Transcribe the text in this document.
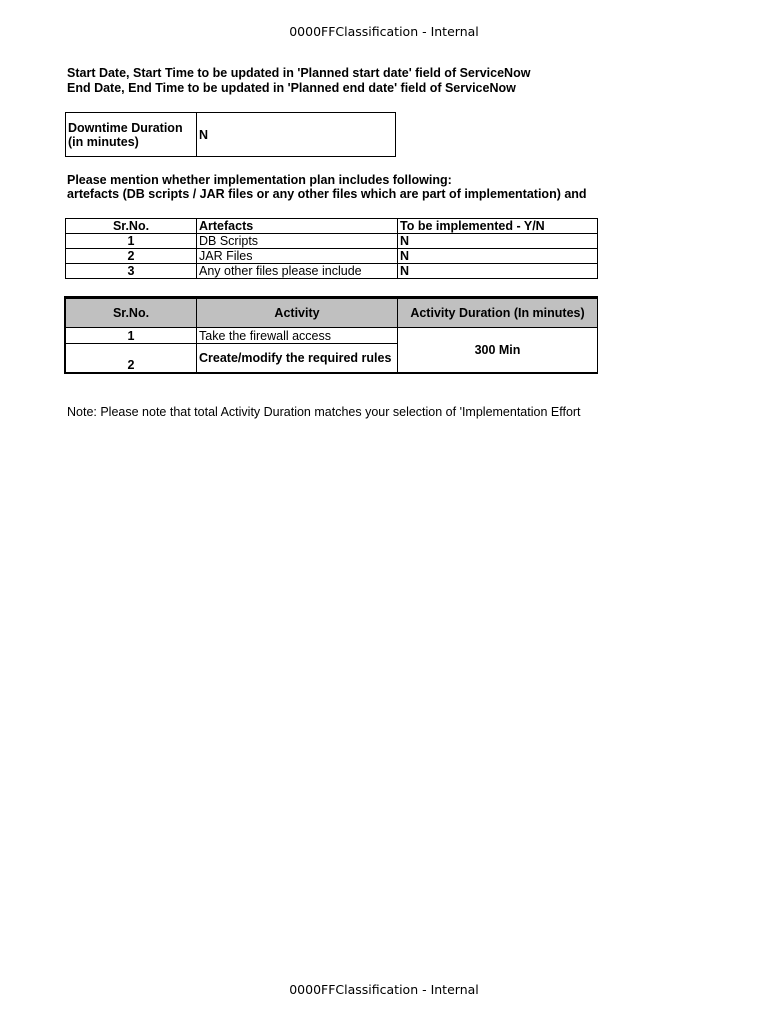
0000FFClassification - Internal
Start Date, Start Time to be updated in 'Planned start date' field of ServiceNow
End Date, End Time to be updated in 'Planned end date' field of ServiceNow
Downtime Duration
(in minutes)	N
Please mention whether implementation plan includes following:
artefacts (DB scripts / JAR files or any other files which are part of implementation) and
Sr.No.	Artefacts	To be implemented - Y/N
1	DB Scripts	N
2	JAR Files	N
3	Any other files please include	N
Sr.No.	Activity	Activity Duration (In minutes)
1	Take the firewall access	300 Min
2	Create/modify the required rules	
Note: Please note that total Activity Duration matches your selection of 'Implementation Effort
0000FFClassification - Internal
